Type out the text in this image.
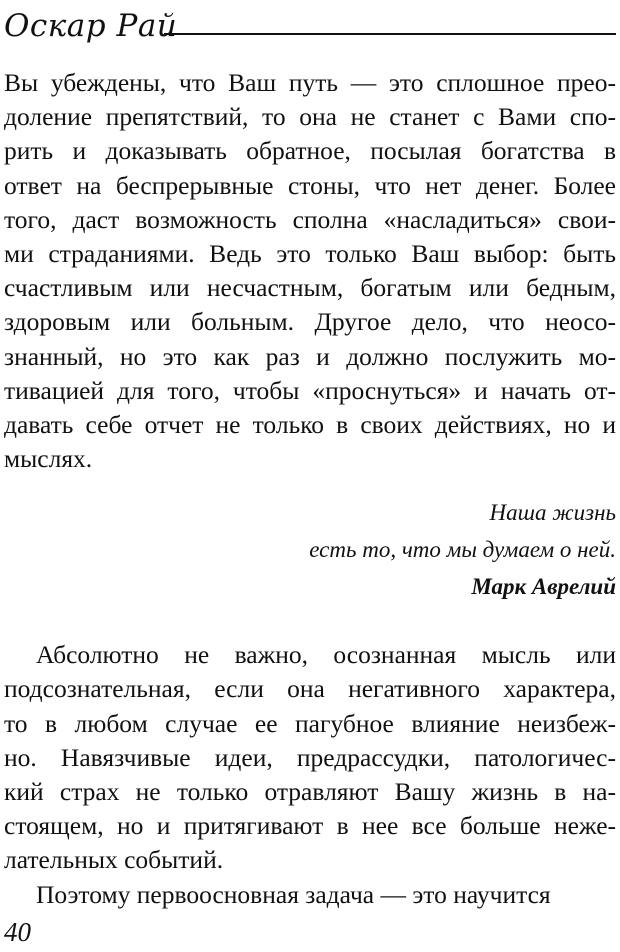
Оскар Рай
Вы убеждены, что Ваш путь — это сплошное прео-
доление препятствий, то она не станет с Вами спо-
рить и доказывать обратное, посылая богатства в
ответ на беспрерывные стоны, что нет денег. Более
того, даст возможность сполна «насладиться» свои-
ми страданиями. Ведь это только Ваш выбор: быть
счастливым или несчастным, богатым или бедным,
здоровым или больным. Другое дело, что неосо-
знанный, но это как раз и должно послужить мо-
тивацией для того, чтобы «проснуться» и начать от-
давать себе отчет не только в своих действиях, но и
мыслях.
Абсолютно не важно, осознанная мысль или
подсознательная, если она негативного характера,
то в любом случае ее пагубное влияние неизбеж-
но. Навязчивые идеи, предрассудки, патологичес-
кий страх не только отравляют Вашу жизнь в на-
стоящем, но и притягивают в нее все больше неже-
лательных событий.
Поэтому первоосновная задача — это научится
Наша жизнь
есть то, что мы думаем о ней.
Марк Аврелий
40
